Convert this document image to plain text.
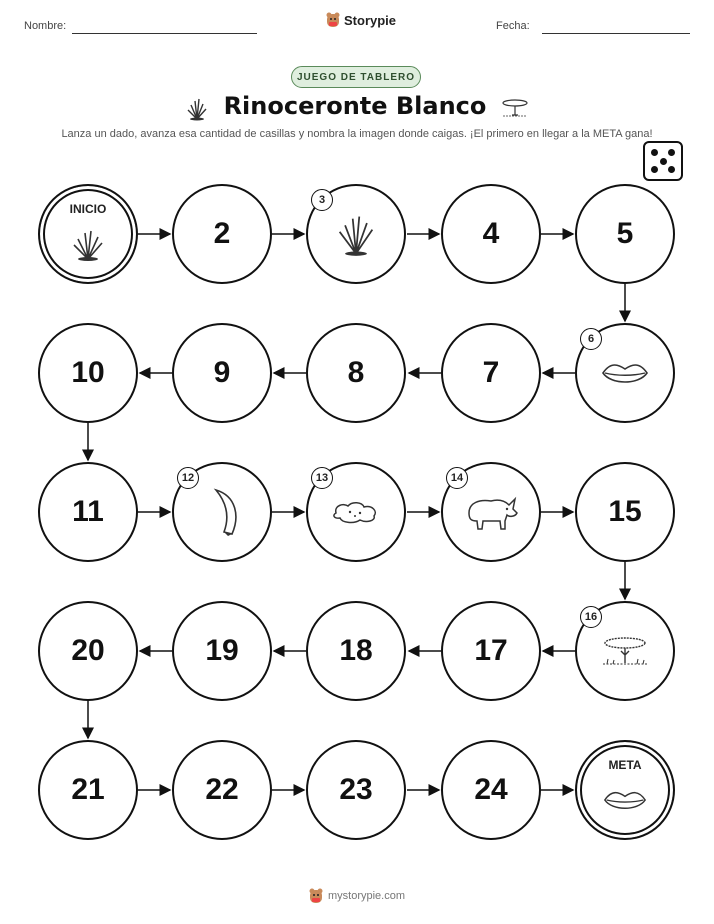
Nombre:	Storypie	Fecha:
JUEGO DE TABLERO
Rinoceronte Blanco
Lanza un dado, avanza esa cantidad de casillas y nombra la imagen donde caigas. ¡El primero en llegar a la META gana!
INICIO
2
3
4	5
6
7
8
9
10
11
12	13	14
15
16
17
18
19
20
21	22	23	24
META
mystorypie.com
